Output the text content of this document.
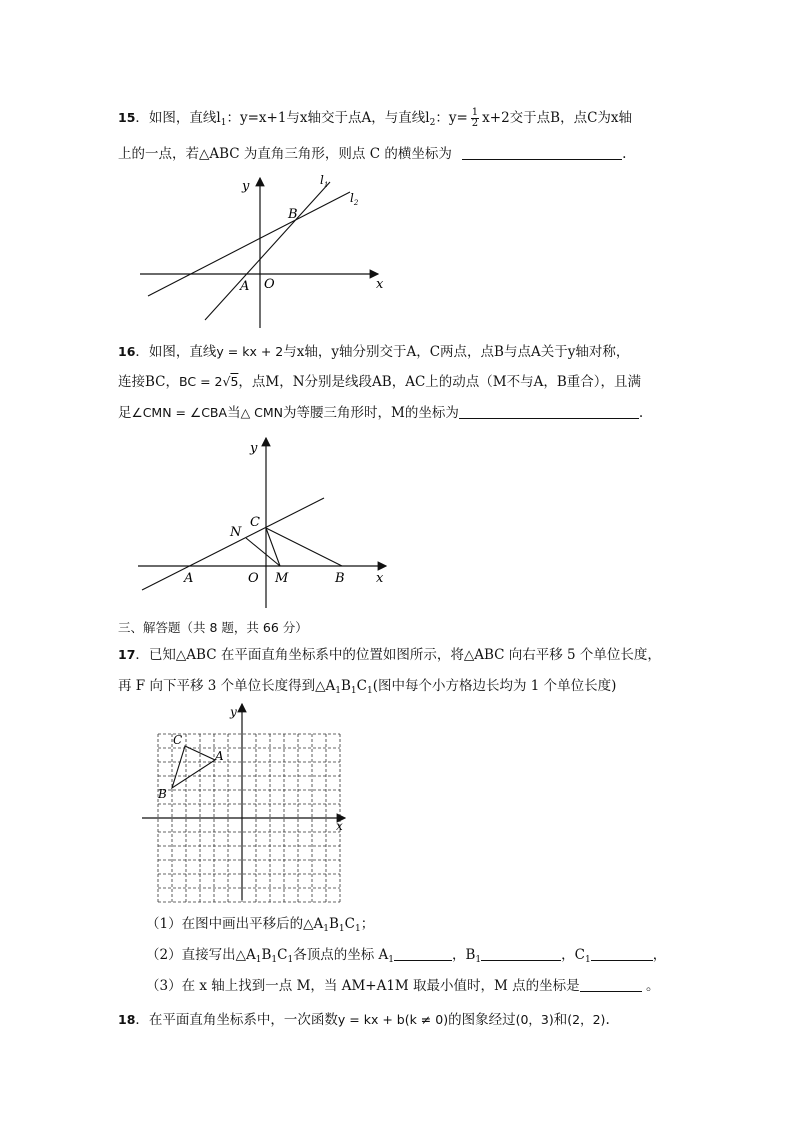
15．如图，直线$l_1$：y=x+1与x轴交于点A，与直线$l_2$：$y= \frac{1}{2} x+2$交于点B，点C为x轴
上的一点，若△ABC 为直角三角形，则点 C 的横坐标为	.
y
x
O
A
B
$l_1$
$l_2$
16．如图，直线y = kx + 2与x轴，y轴分别交于A，C两点，点B与点A关于y轴对称，
连接BC，BC = 2√5，点M，N分别是线段AB，AC上的动点（M不与A，B重合），且满
足∠CMN = ∠CBA当△ CMN为等腰三角形时，M的坐标为	.
y
x
O
A	B
C
N
M
三、解答题（共 8 题，共 66 分）
17．已知△ABC 在平面直角坐标系中的位置如图所示，将△ABC 向右平移 5 个单位长度，
再 F 向下平移 3 个单位长度得到$\triangle A_1B_1C_1$(图中每个小方格边长均为 1 个单位长度)
y
x
A
B
C
（1）在图中画出平移后的$\triangle A_1B_1C_1$；
（2）直接写出$\triangle A_1B_1C_1$各顶点的坐标 $A_1$	，$B_1$	，$C_1$	，
（3）在 x 轴上找到一点 M，当 AM+A1M 取最小值时，M 点的坐标是	。
18．在平面直角坐标系中，一次函数y = kx + b(k ≠ 0)的图象经过(0，3)和(2，2).
